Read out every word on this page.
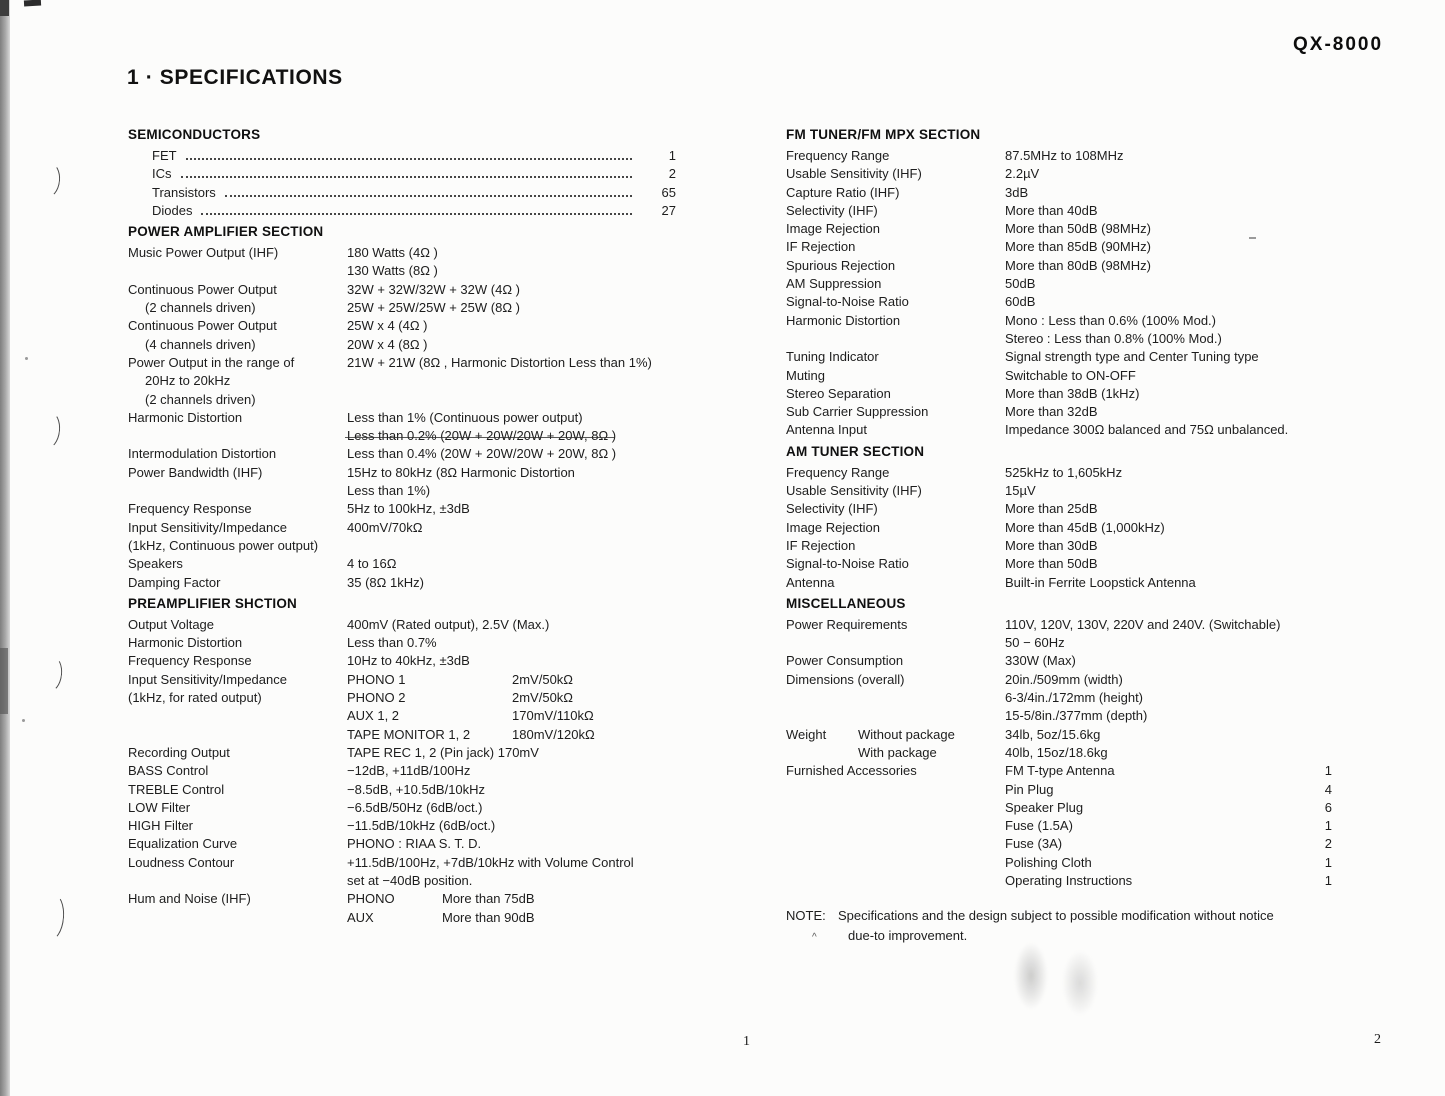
QX-8000
1 · SPECIFICATIONS
SEMICONDUCTORS
FET	1
ICs	2
Transistors	65
Diodes	27
POWER AMPLIFIER SECTION
Music Power Output (IHF)	180 Watts (4Ω )
130 Watts (8Ω )
Continuous Power Output	32W + 32W/32W + 32W (4Ω )
(2 channels driven)	25W + 25W/25W + 25W (8Ω )
Continuous Power Output	25W x 4 (4Ω )
(4 channels driven)	20W x 4 (8Ω )
Power Output in the range of	21W + 21W (8Ω , Harmonic Distortion Less than 1%)
20Hz to 20kHz
(2 channels driven)
Harmonic Distortion	Less than 1% (Continuous power output)
Less than 0.2% (20W + 20W/20W + 20W, 8Ω )
Intermodulation Distortion	Less than 0.4% (20W + 20W/20W + 20W, 8Ω )
Power Bandwidth (IHF)	15Hz to 80kHz (8Ω Harmonic Distortion
Less than 1%)
Frequency Response	5Hz to 100kHz, ±3dB
Input Sensitivity/Impedance	400mV/70kΩ
(1kHz, Continuous power output)
Speakers	4 to 16Ω
Damping Factor	35 (8Ω 1kHz)
PREAMPLIFIER SHCTION
Output Voltage	400mV (Rated output), 2.5V (Max.)
Harmonic Distortion	Less than 0.7%
Frequency Response	10Hz to 40kHz, ±3dB
Input Sensitivity/Impedance	PHONO 1	2mV/50kΩ
(1kHz, for rated output)	PHONO 2	2mV/50kΩ
AUX 1, 2	170mV/110kΩ
TAPE MONITOR 1, 2	180mV/120kΩ
Recording Output	TAPE REC 1, 2 (Pin jack) 170mV
BASS Control	−12dB, +11dB/100Hz
TREBLE Control	−8.5dB, +10.5dB/10kHz
LOW Filter	−6.5dB/50Hz (6dB/oct.)
HIGH Filter	−11.5dB/10kHz (6dB/oct.)
Equalization Curve	PHONO : RIAA S. T. D.
Loudness Contour	+11.5dB/100Hz, +7dB/10kHz with Volume Control
set at −40dB position.
Hum and Noise (IHF)	PHONO	More than 75dB
AUX	More than 90dB
FM TUNER/FM MPX SECTION
Frequency Range	87.5MHz to 108MHz
Usable Sensitivity (IHF)	2.2µV
Capture Ratio (IHF)	3dB
Selectivity (IHF)	More than 40dB
Image Rejection	More than 50dB (98MHz)
IF Rejection	More than 85dB (90MHz)
Spurious Rejection	More than 80dB (98MHz)
AM Suppression	50dB
Signal-to-Noise Ratio	60dB
Harmonic Distortion	Mono : Less than 0.6% (100% Mod.)
Stereo : Less than 0.8% (100% Mod.)
Tuning Indicator	Signal strength type and Center Tuning type
Muting	Switchable to ON-OFF
Stereo Separation	More than 38dB (1kHz)
Sub Carrier Suppression	More than 32dB
Antenna Input	Impedance 300Ω balanced and 75Ω unbalanced.
AM TUNER SECTION
Frequency Range	525kHz to 1,605kHz
Usable Sensitivity (IHF)	15µV
Selectivity (IHF)	More than 25dB
Image Rejection	More than 45dB (1,000kHz)
IF Rejection	More than 30dB
Signal-to-Noise Ratio	More than 50dB
Antenna	Built-in Ferrite Loopstick Antenna
MISCELLANEOUS
Power Requirements	110V, 120V, 130V, 220V and 240V. (Switchable)
50 − 60Hz
Power Consumption	330W (Max)
Dimensions (overall)	20in./509mm (width)
6-3/4in./172mm (height)
15-5/8in./377mm (depth)
Weight Without package	34lb, 5oz/15.6kg
With package	40lb, 15oz/18.6kg
Furnished Accessories	FM T-type Antenna	1
Pin Plug	4
Speaker Plug	6
Fuse (1.5A)	1
Fuse (3A)	2
Polishing Cloth	1
Operating Instructions	1
NOTE: Specifications and the design subject to possible modification without notice
due-to improvement.
^
1	2
